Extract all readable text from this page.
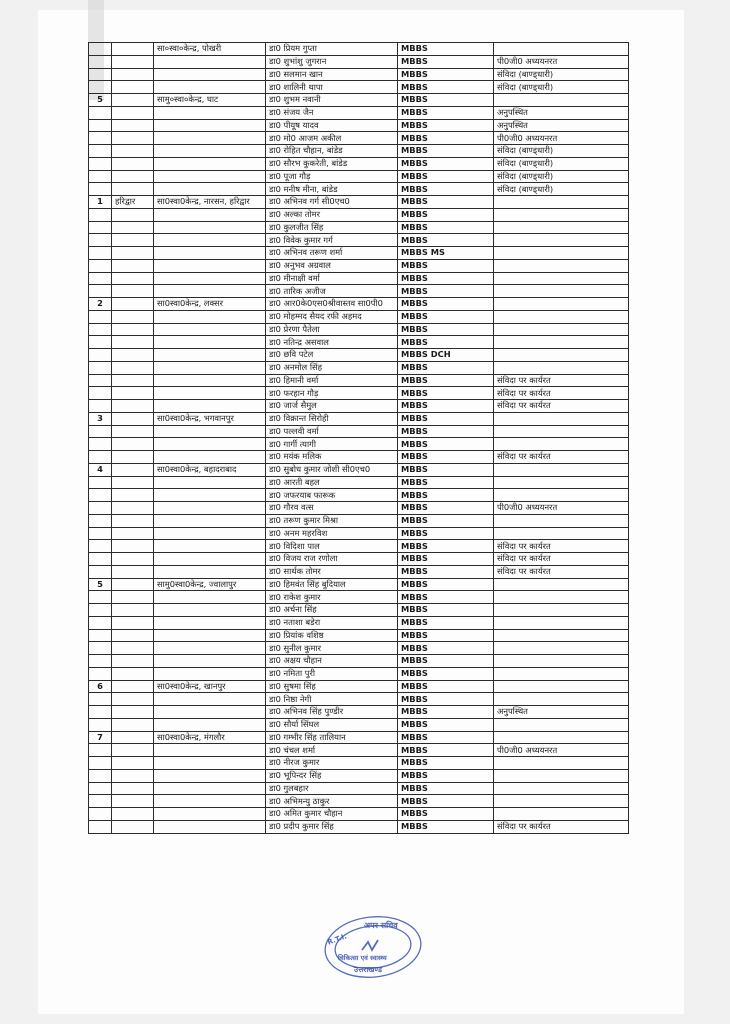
		सा०स्वा०केन्द्र, पोखरी	डा0 प्रियम गुप्ता	MBBS	
			डा0 शुभांशु जुगरान	MBBS	पी0जी0 अध्ययनरत
			डा0 सलमान खान	MBBS	संविदा (बाण्ड्धारी)
			डा0 शालिनी थापा	MBBS	संविदा (बाण्ड्धारी)
5		सामु०स्वा०केन्द्र, घाट	डा0 शुभम नवानी	MBBS	
			डा0 संजय जैन	MBBS	अनुपस्थित
			डा0 पीयूष यादव	MBBS	अनुपस्थित
			डा0 मो0 आजम अकील	MBBS	पी0जी0 अध्ययनरत
			डा0 रोहित चौहान, बांडेड	MBBS	संविदा (बाण्ड्धारी)
			डा0 सौरभ कुकरेती, बांडेड	MBBS	संविदा (बाण्ड्धारी)
			डा0 पूजा गौड़	MBBS	संविदा (बाण्ड्धारी)
			डा0 मनीष मीना, बांडेड	MBBS	संविदा (बाण्ड्धारी)
1	हरिद्वार	सा0स्वा0केन्द्र, नारसन, हरिद्वार	डा0 अभिनव गर्ग सी0एच0	MBBS	
			डा0 अल्का तोमर	MBBS	
			डा0 कुलजीत सिंह	MBBS	
			डा0 विवेक कुमार गर्ग	MBBS	
			डा0 अभिनव तरूण शर्मा	MBBS MS	
			डा0 अनुभव अग्रवाल	MBBS	
			डा0 मीनाक्षी वर्मा	MBBS	
			डा0 तारिक अजीज	MBBS	
2		सा0स्वा0केन्द्र, लक्सर	डा0 आर0के0एस0श्रीवास्तव सा0पी0	MBBS	
			डा0 मोहम्मद सैयद रफी अहमद	MBBS	
			डा0 प्रेरणा पैतेला	MBBS	
			डा0 नतिन्द्र असवाल	MBBS	
			डा0 छवि पटेल	MBBS DCH	
			डा0 अनमोल सिंह	MBBS	
			डा0 हिमानी वर्मा	MBBS	संविदा पर कार्यरत
			डा0 फरहान गौड़	MBBS	संविदा पर कार्यरत
			डा0 जार्ज सैमुल	MBBS	संविदा पर कार्यरत
3		सा0स्वा0केन्द्र, भगवानपुर	डा0 विक्रान्त सिरोही	MBBS	
			डा0 पल्लवी वर्मा	MBBS	
			डा0 गार्गी त्यागी	MBBS	
			डा0 मयंक मलिक	MBBS	संविदा पर कार्यरत
4		सा0स्वा0केन्द्र, बहादराबाद	डा0 सुबोध कुमार जोशी सी0एच0	MBBS	
			डा0 आरती बहल	MBBS	
			डा0 जफरयाब फारूक	MBBS	
			डा0 गौरव वत्स	MBBS	पी0जी0 अध्ययनरत
			डा0 तरूण कुमार मिश्रा	MBBS	
			डा0 अनम महरविश	MBBS	
			डा0 विदिशा पाल	MBBS	संविदा पर कार्यरत
			डा0 विजय राज रणोला	MBBS	संविदा पर कार्यरत
			डा0 सार्थक तोमर	MBBS	संविदा पर कार्यरत
5		सामु0स्वा0केन्द्र, ज्वालापुर	डा0 हिमवंत सिंह बुदियाल	MBBS	
			डा0 राकेश कुमार	MBBS	
			डा0 अर्चना सिंह	MBBS	
			डा0 नताशा बडेरा	MBBS	
			डा0 प्रियांक वशिष्ठ	MBBS	
			डा0 सुनील कुमार	MBBS	
			डा0 अक्षय चौहान	MBBS	
			डा0 नमिता पुरी	MBBS	
6		सा0स्वा0केन्द्र, खानपुर	डा0 सुषमा सिंह	MBBS	
			डा0 निष्ठा नेगी	MBBS	
			डा0 अभिनव सिंह पुण्डीर	MBBS	अनुपस्थित
			डा0 सौर्या सिंघल	MBBS	
7		सा0स्वा0केन्द्र, मंगलौर	डा0 गम्भीर सिंह तालियान	MBBS	
			डा0 चंचल शर्मा	MBBS	पी0जी0 अध्ययनरत
			डा0 नीरज कुमार	MBBS	
			डा0 भूपिन्दर सिंह	MBBS	
			डा0 गुलबहार	MBBS	
			डा0 अभिमन्यु ठाकुर	MBBS	
			डा0 अमित कुमार चौहान	MBBS	
			डा0 प्रदीप कुमार सिंह	MBBS	संविदा पर कार्यरत
अपर सचिव
R.T.I.
चिकित्सा एवं स्वास्थ्य
उत्तराखण्ड
